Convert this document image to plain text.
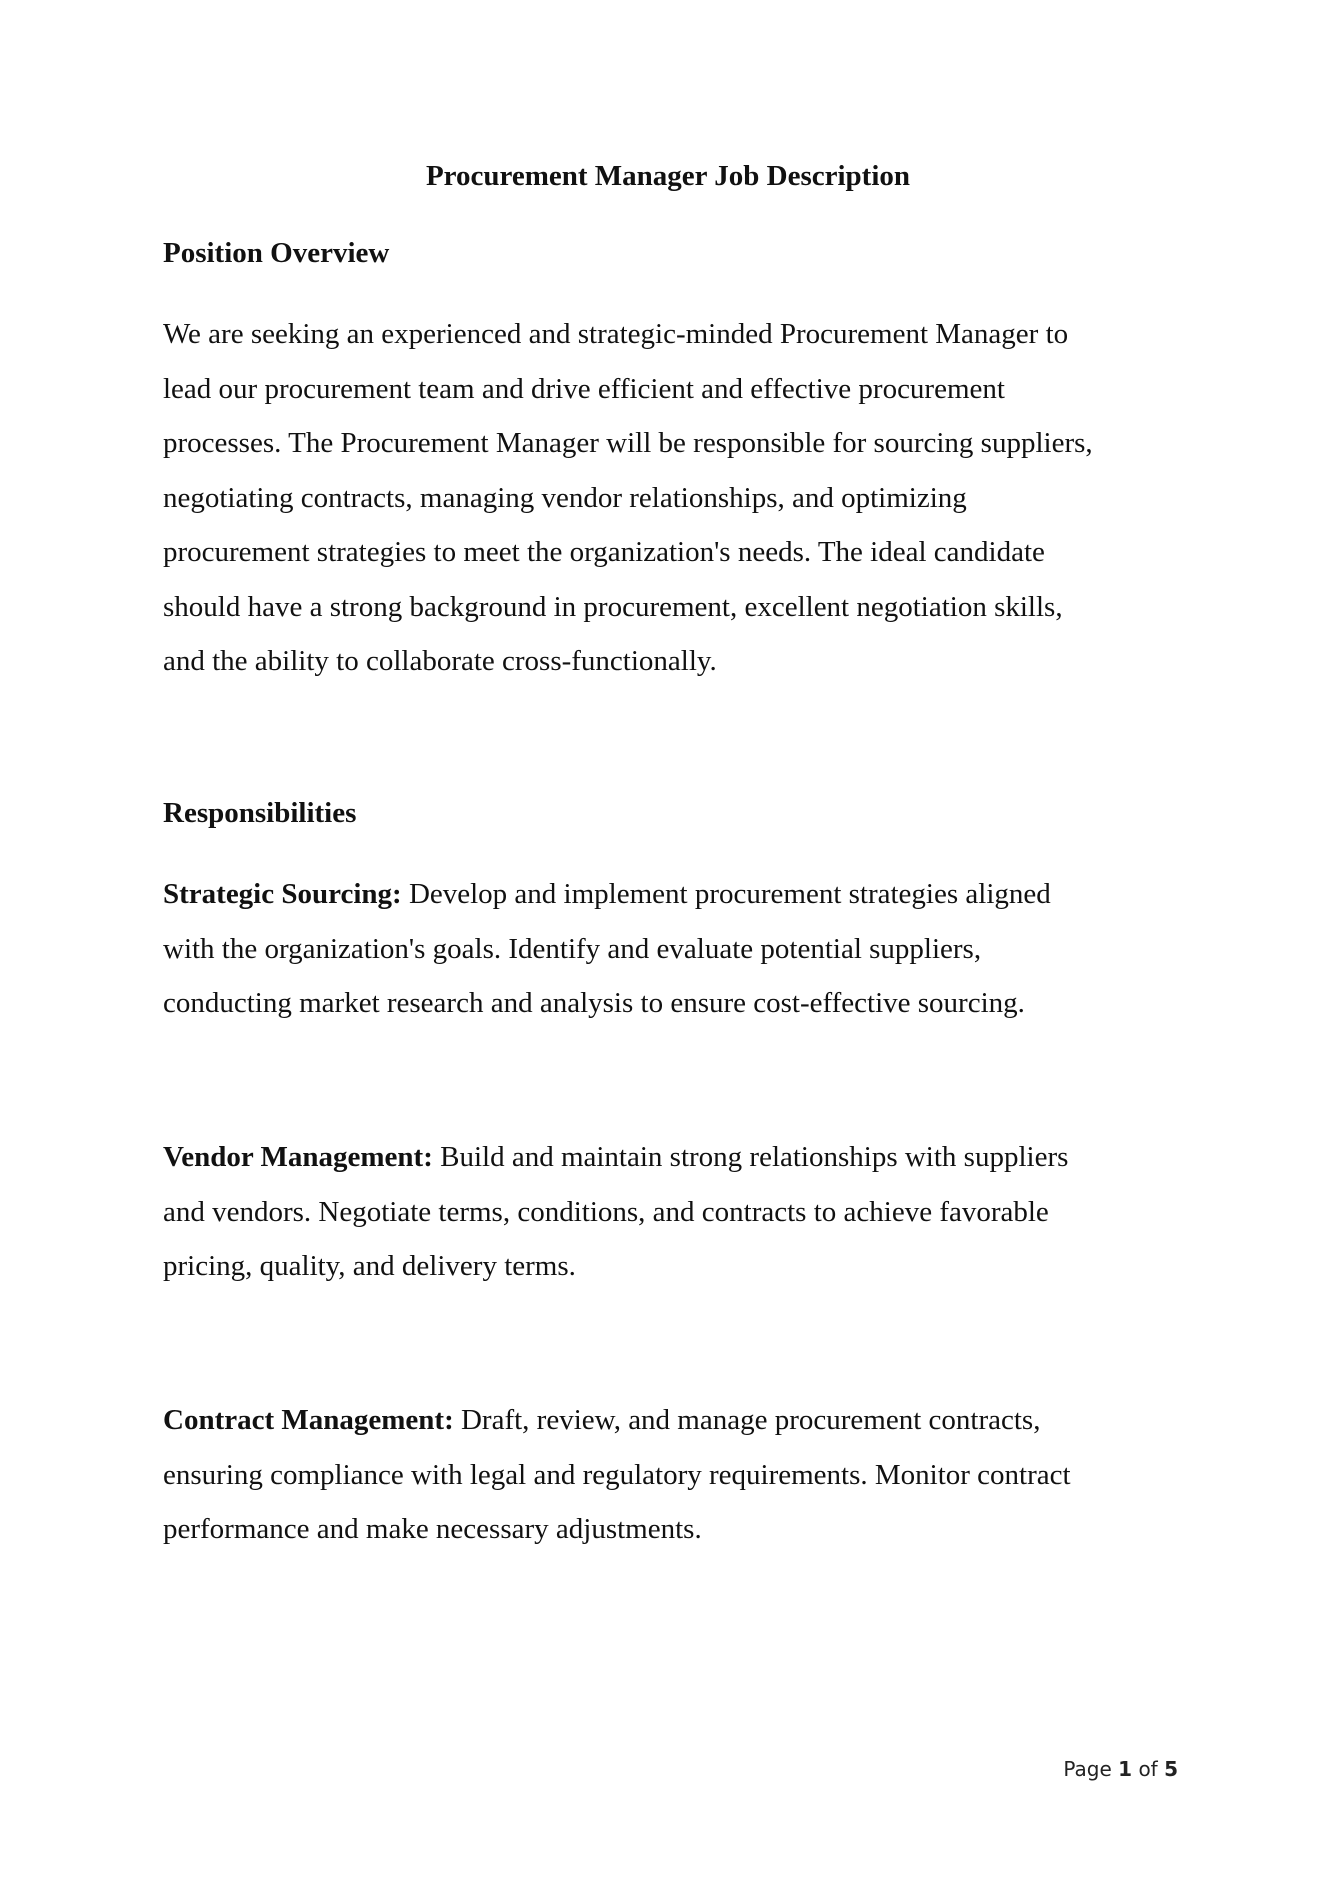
Procurement Manager Job Description
Position Overview

We are seeking an experienced and strategic-minded Procurement Manager to
lead our procurement team and drive efficient and effective procurement
processes. The Procurement Manager will be responsible for sourcing suppliers,
negotiating contracts, managing vendor relationships, and optimizing
procurement strategies to meet the organization's needs. The ideal candidate
should have a strong background in procurement, excellent negotiation skills,
and the ability to collaborate cross-functionally.

Responsibilities

Strategic Sourcing: Develop and implement procurement strategies aligned
with the organization's goals. Identify and evaluate potential suppliers,
conducting market research and analysis to ensure cost-effective sourcing.

Vendor Management: Build and maintain strong relationships with suppliers
and vendors. Negotiate terms, conditions, and contracts to achieve favorable
pricing, quality, and delivery terms.

Contract Management: Draft, review, and manage procurement contracts,
ensuring compliance with legal and regulatory requirements. Monitor contract
performance and make necessary adjustments.

Page 1 of 5
